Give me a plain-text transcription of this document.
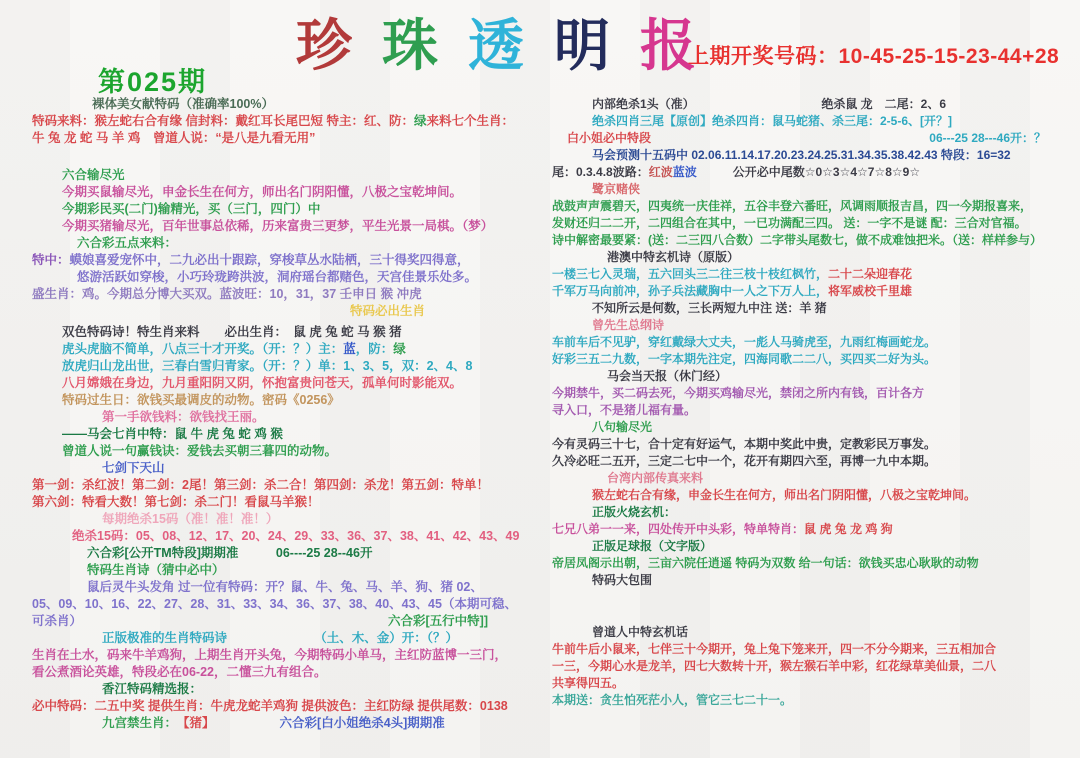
第025期
珍 珠 透 明 报
上期开奖号码：10-45-25-15-23-44+28
裸体美女献特码（准确率100%）
特码来料：猴左蛇右合有缘 信封料：戴红耳长尾巴短 特主：红、防：绿来料七个生肖：
牛 兔 龙 蛇 马 羊 鸡　曾道人说：“是八是九看无用”
六合输尽光
今期买鼠输尽光，申金长生在何方，师出名门阴阳懂，八极之宝乾坤间。
今期彩民买(二门)输精光，买（三门，四门）中
今期买猪输尽光，百年世事总依稀，历来富贵三更梦，平生光景一局棋。（梦）
六合彩五点来料：
特中：蟆娘喜爱宠怀中，二九必出十跟踪，穿梭草丛水陆栖，三十得奖四得意，
悠游活跃如穿梭，小巧玲珑跨洪波，洞府瑶台都赌色，天宫佳景乐处多。
盛生肖：鸡。今期总分博大买双。蓝波旺：10，31，37 壬申日 猴 冲虎
特码必出生肖
双色特码诗！特生肖来料　　必出生肖：　鼠 虎 兔 蛇 马 猴 猪
虎头虎脑不简单，八点三十才开奖。（开：？）主：蓝，防：绿
放虎归山龙出世，三春白雪归青家。（开：？）单：1、3、5，双：2、4、8
八月嫦娥在身边，九月重阳阴又阴，怀抱富贵问苍天，孤单何时影能双。
特码过生日：欲钱买最调皮的动物。密码《0256》
第一手欲钱料：欲钱找王丽。
——马会七肖中特：鼠 牛 虎 兔 蛇 鸡 猴
曾道人说一句赢钱诀：爱钱去买朝三暮四的动物。
七剑下天山
第一剑：杀红波！第二剑：2尾！第三剑：杀二合！第四剑：杀龙！第五剑：特单！
第六剑：特看大数！第七剑：杀二门！看鼠马羊猴！
每期绝杀15码（准！准！准！）
绝杀15码：05、08、12、17、20、24、29、33、36、37、38、41、42、43、49
六合彩[公开TM特段]期期准　　　06----25 28--46开
特码生肖诗（猜中必中）
鼠后灵牛头发角 过一位有特码：开？鼠、牛、兔、马、羊、狗、猪 02、
05、09、10、16、22、27、28、31、33、34、36、37、38、40、43、45（本期可稳、
可杀肖）	六合彩[五行中特]]
正版极准的生肖特码诗	（土、木、金）开：（？）
生肖在土水，码来牛羊鸡狗，上期生肖开头兔，今期特码小单马，主红防蓝博一三门，
看公煮酒论英雄，特段必在06-22，二懂三九有组合。
香江特码精选报：
必中特码：二五中奖 提供生肖：牛虎龙蛇羊鸡狗 提供波色：主红防绿 提供尾数：0138
九宫禁生肖：【猪】	六合彩[白小姐绝杀4头]期期准
内部绝杀1头（准）	绝杀鼠 龙　二尾：2、6
绝杀四肖三尾【原创】绝杀四肖：鼠马蛇猪、杀三尾：2-5-6、[开？]
白小姐必中特段	06---25 28---46开：？
马会预测十五码中 02.06.11.14.17.20.23.24.25.31.34.35.38.42.43 特段：16=32
尾：0.3.4.8波路：红波蓝波　　　公开必中尾数☆0☆3☆4☆7☆8☆9☆
鹭京赌侠
战鼓声声震碧天，四夷统一庆佳祥，五谷丰登六番旺，风调雨顺报吉昌，四一今期报喜来，
发财还归二二开，二四组合在其中，一已功满配三四。 送：一字不是谜 配：三合对官福。
诗中解密最要紧：(送：二三四八合数）二字带头尾数七，做不成难蚀把米。（送：样样参与）
港澳中特玄机诗（原版）
一楼三七入灵瑞，五六回头三二往三枝十枝红枫竹，二十二朵迎春花
千军万马向前冲，孙子兵法藏胸中一人之下万人上，将军威校千里雄
不知所云是何数，三长两短九中注 送：羊 猪
曾先生总纲诗
车前车后不见驴，穿红戴绿大丈夫，一彪人马骑虎至，九雨红梅画蛇龙。
好彩三五二九数，一字本期先注定，四海同歌二二八，买四买二好为头。
马会当天报（休门经）
今期禁牛，买二码去死，今期买鸡输尽光，禁闭之所内有钱，百计各方
寻入口，不是猪儿福有量。
八句输尽光
今有灵码三十七，合十定有好运气，本期中奖此中贵，定教彩民万事发。
久冷必旺二五开，三定二七中一个，花开有期四六至，再博一九中本期。
台湾内部传真来料
猴左蛇右合有缘，申金长生在何方，师出名门阴阳懂，八极之宝乾坤间。
正版火烧玄机：
七兄八弟一一来，四处传开中头彩，特单特肖：鼠 虎 兔 龙 鸡 狗
正版足球报（文字版）
帝居凤阁示出朝，三亩六院任逍遥 特码为双数 给一句话：欲钱买忠心耿耿的动物
特码大包围
曾道人中特玄机话
牛前牛后小鼠来，七伴三十今期开，兔上兔下笼来开，四一不分今期来，三五相加合
一三，今期心水是龙羊，四七大数转十开，猴左猴石羊中彩，红花绿草美仙景，二八
共享得四五。
本期送：贪生怕死茫小人，管它三七二十一。
